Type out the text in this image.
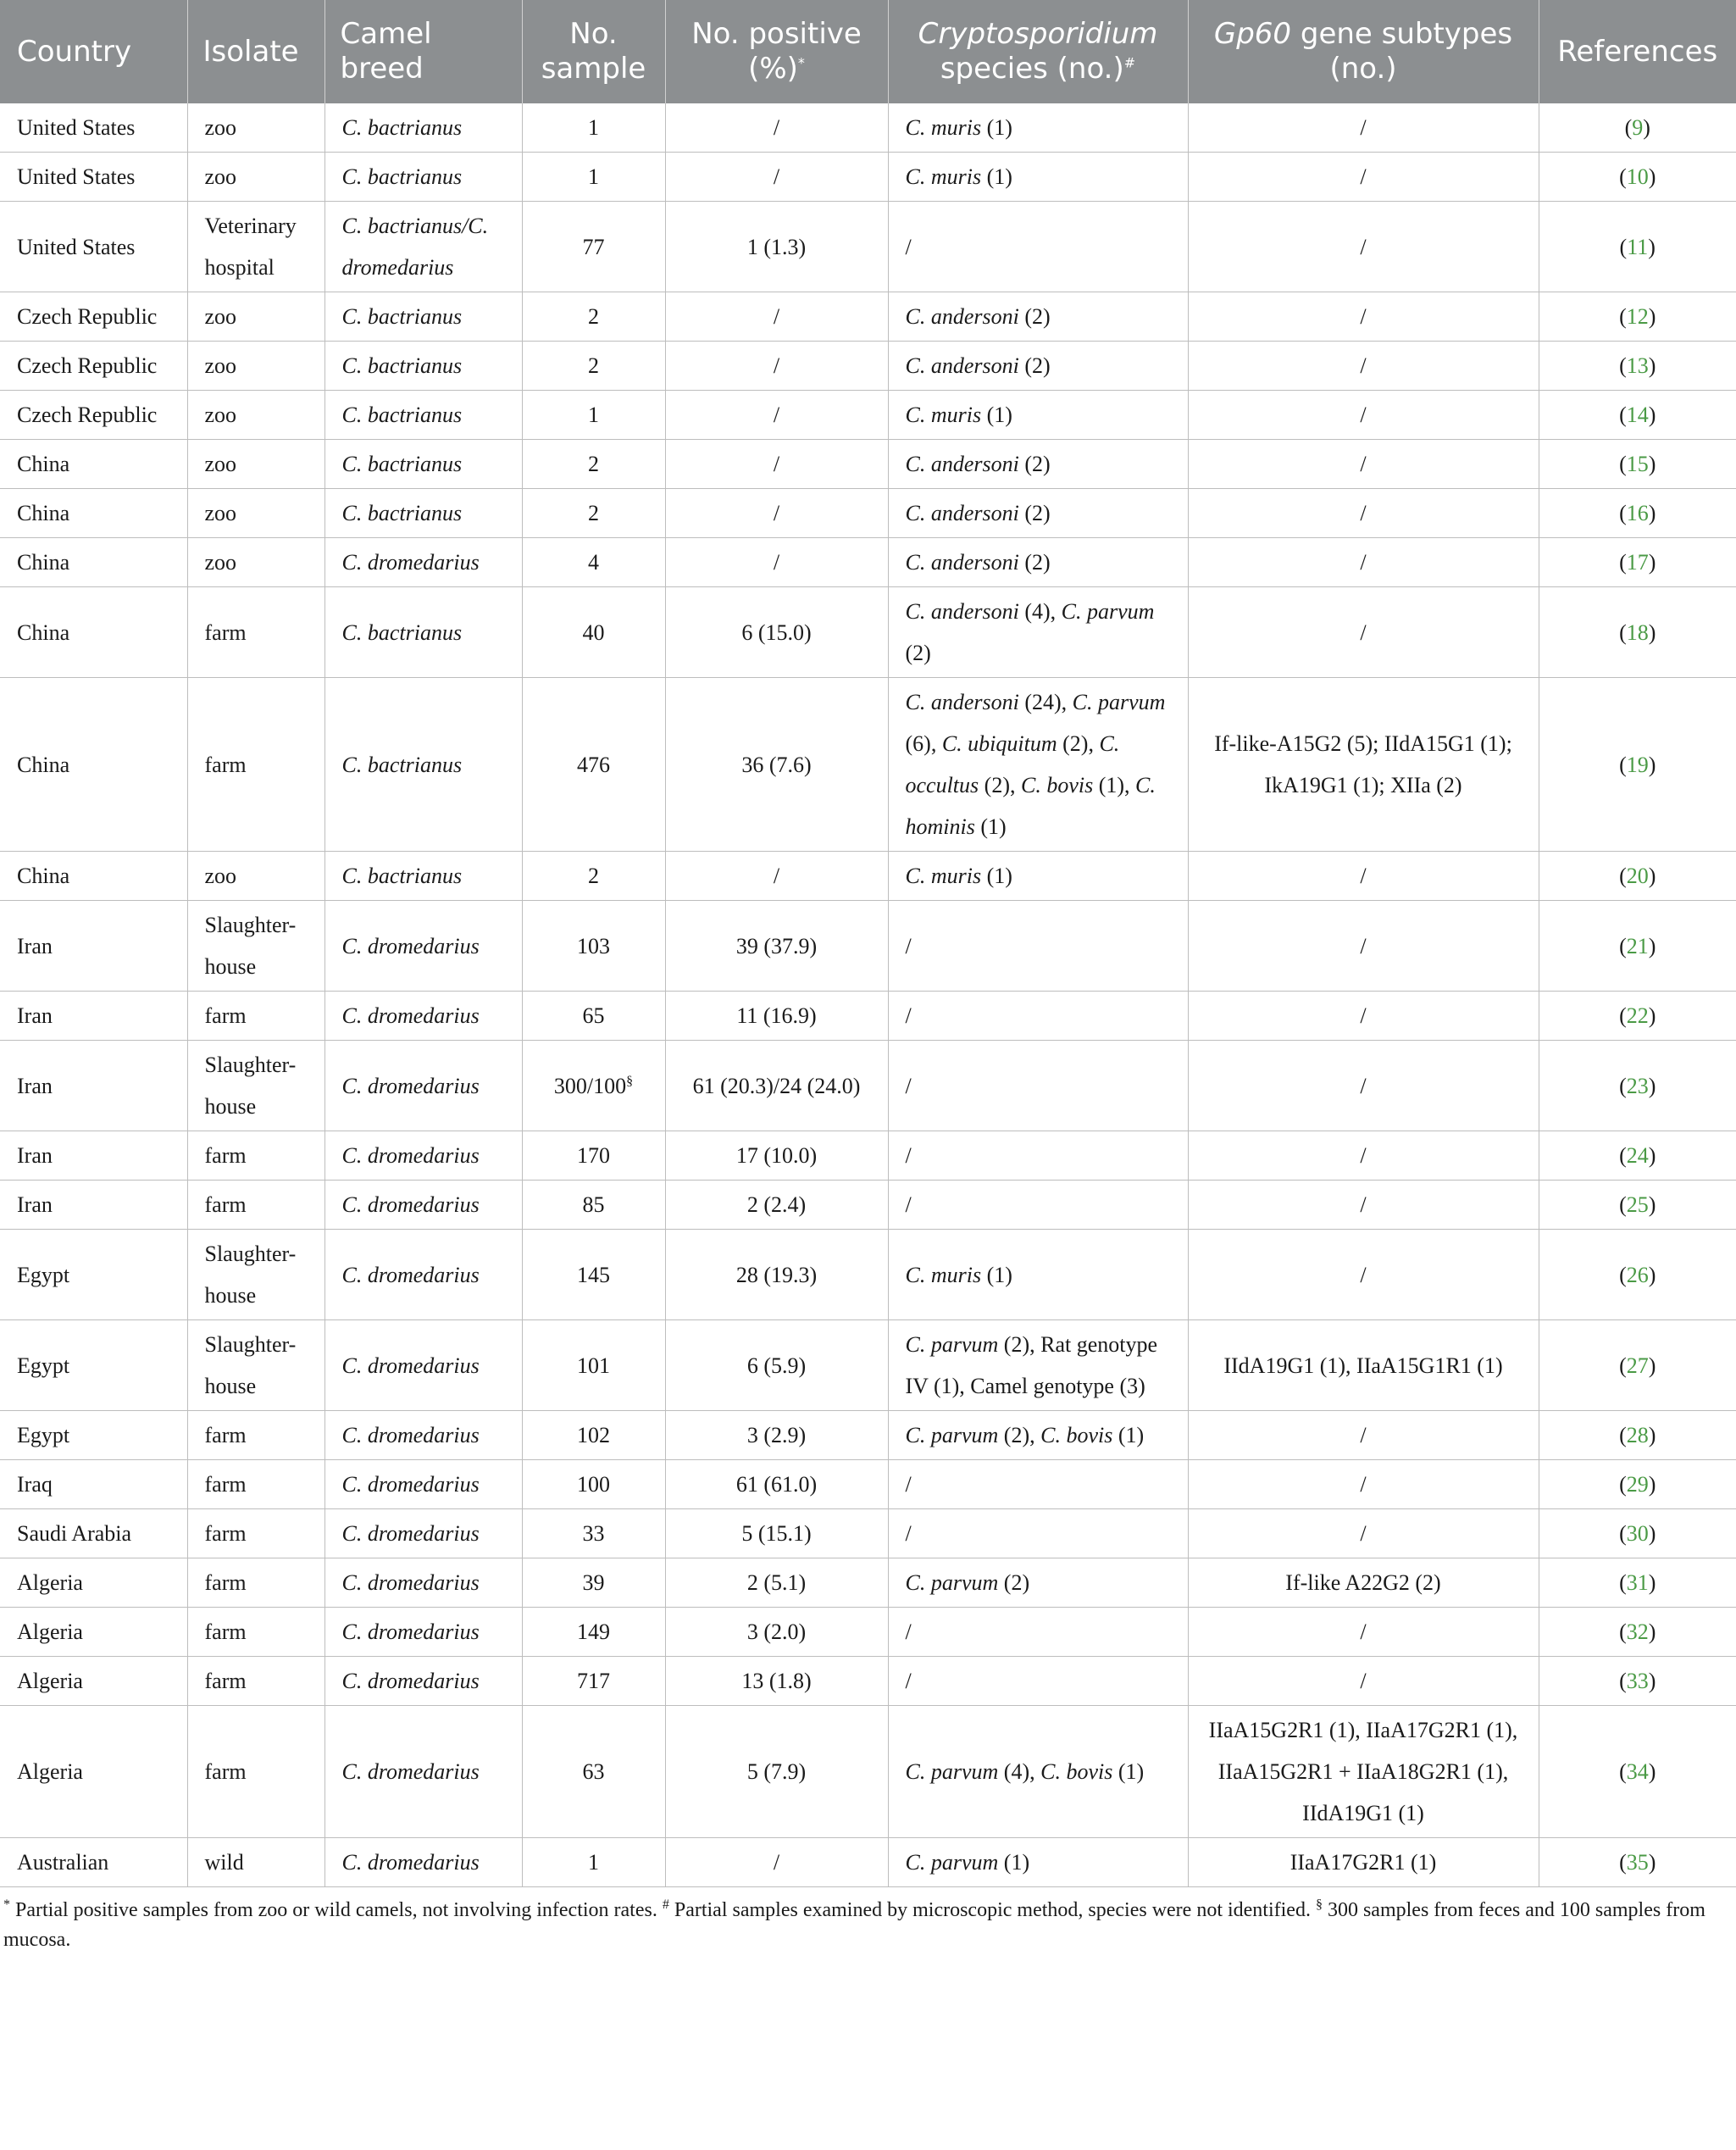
Country	Isolate	Camel breed	No. sample	No. positive (%)*	Cryptosporidium species (no.)#	Gp60 gene subtypes (no.)	References
United States	zoo	C. bactrianus	1	/	C. muris (1)	/	(9)
United States	zoo	C. bactrianus	1	/	C. muris (1)	/	(10)
United States	Veterinary hospital	C. bactrianus/C. dromedarius	77	1 (1.3)	/	/	(11)
Czech Republic	zoo	C. bactrianus	2	/	C. andersoni (2)	/	(12)
Czech Republic	zoo	C. bactrianus	2	/	C. andersoni (2)	/	(13)
Czech Republic	zoo	C. bactrianus	1	/	C. muris (1)	/	(14)
China	zoo	C. bactrianus	2	/	C. andersoni (2)	/	(15)
China	zoo	C. bactrianus	2	/	C. andersoni (2)	/	(16)
China	zoo	C. dromedarius	4	/	C. andersoni (2)	/	(17)
China	farm	C. bactrianus	40	6 (15.0)	C. andersoni (4), C. parvum (2)	/	(18)
China	farm	C. bactrianus	476	36 (7.6)	C. andersoni (24), C. parvum (6), C. ubiquitum (2), C. occultus (2), C. bovis (1), C. hominis (1)	If-like-A15G2 (5); IIdA15G1 (1); IkA19G1 (1); XIIa (2)	(19)
China	zoo	C. bactrianus	2	/	C. muris (1)	/	(20)
Iran	Slaughter-house	C. dromedarius	103	39 (37.9)	/	/	(21)
Iran	farm	C. dromedarius	65	11 (16.9)	/	/	(22)
Iran	Slaughter-house	C. dromedarius	300/100§	61 (20.3)/24 (24.0)	/	/	(23)
Iran	farm	C. dromedarius	170	17 (10.0)	/	/	(24)
Iran	farm	C. dromedarius	85	2 (2.4)	/	/	(25)
Egypt	Slaughter-house	C. dromedarius	145	28 (19.3)	C. muris (1)	/	(26)
Egypt	Slaughter-house	C. dromedarius	101	6 (5.9)	C. parvum (2), Rat genotype IV (1), Camel genotype (3)	IIdA19G1 (1), IIaA15G1R1 (1)	(27)
Egypt	farm	C. dromedarius	102	3 (2.9)	C. parvum (2), C. bovis (1)	/	(28)
Iraq	farm	C. dromedarius	100	61 (61.0)	/	/	(29)
Saudi Arabia	farm	C. dromedarius	33	5 (15.1)	/	/	(30)
Algeria	farm	C. dromedarius	39	2 (5.1)	C. parvum (2)	If-like A22G2 (2)	(31)
Algeria	farm	C. dromedarius	149	3 (2.0)	/	/	(32)
Algeria	farm	C. dromedarius	717	13 (1.8)	/	/	(33)
Algeria	farm	C. dromedarius	63	5 (7.9)	C. parvum (4), C. bovis (1)	IIaA15G2R1 (1), IIaA17G2R1 (1), IIaA15G2R1 + IIaA18G2R1 (1), IIdA19G1 (1)	(34)
Australian	wild	C. dromedarius	1	/	C. parvum (1)	IIaA17G2R1 (1)	(35)
* Partial positive samples from zoo or wild camels, not involving infection rates. # Partial samples examined by microscopic method, species were not identified. § 300 samples from feces and 100 samples from mucosa.
